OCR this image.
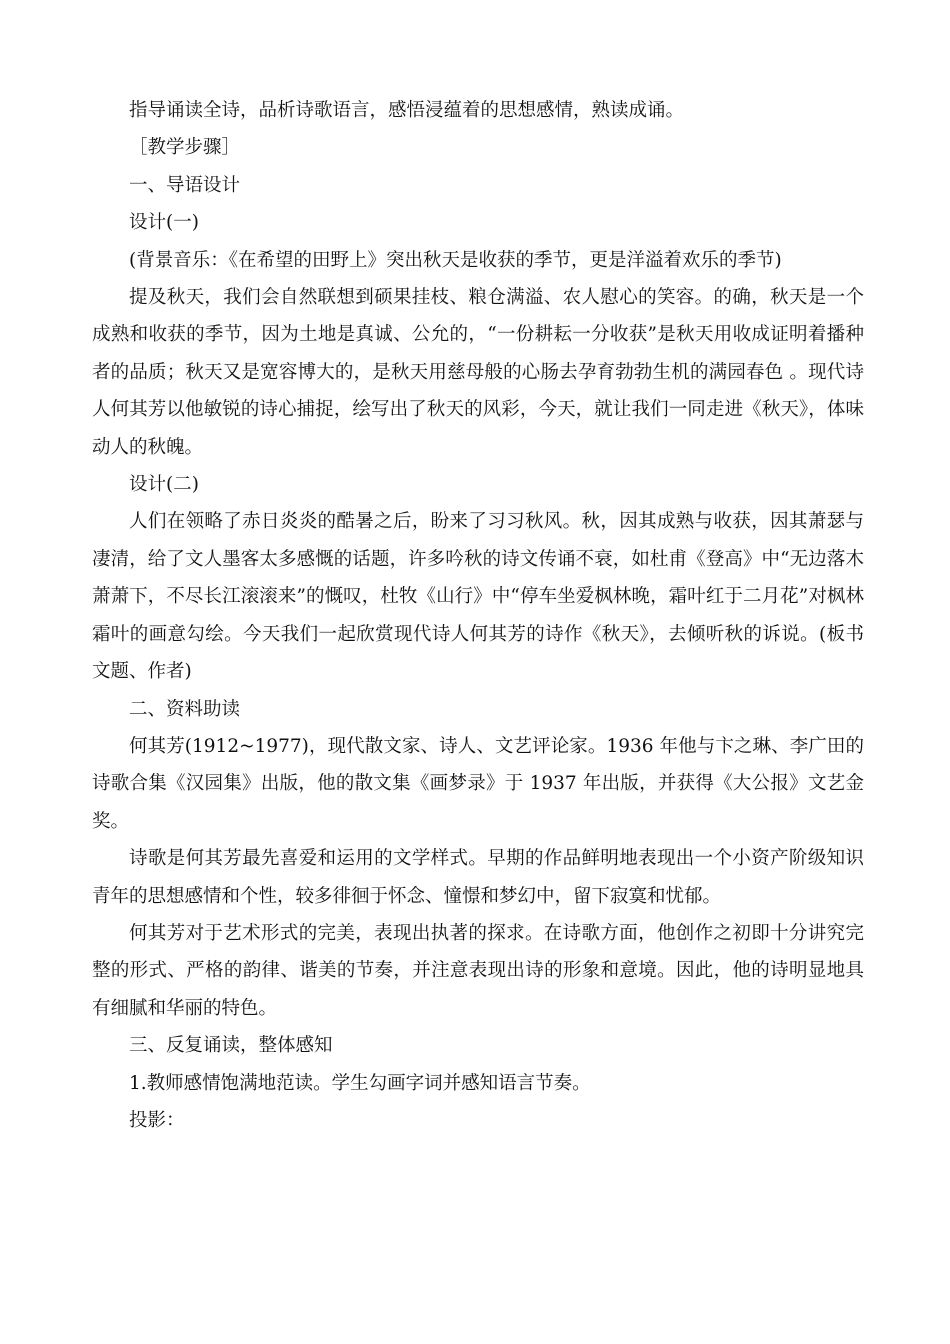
指导诵读全诗，品析诗歌语言，感悟浸蕴着的思想感情，熟读成诵。

［教学步骤］

一、导语设计

设计(一)

(背景音乐：《在希望的田野上》突出秋天是收获的季节，更是洋溢着欢乐的季节)

提及秋天，我们会自然联想到硕果挂枝、粮仓满溢、农人慰心的笑容。的确，秋天是一个成熟和收获的季节，因为土地是真诚、公允的，“一份耕耘一分收获”是秋天用收成证明着播种者的品质；秋天又是宽容博大的，是秋天用慈母般的心肠去孕育勃勃生机的满园春色 。现代诗人何其芳以他敏锐的诗心捕捉，绘写出了秋天的风彩，今天，就让我们一同走进《秋天》，体味动人的秋魄。

设计(二)

人们在领略了赤日炎炎的酷暑之后，盼来了习习秋风。秋，因其成熟与收获，因其萧瑟与凄清，给了文人墨客太多感慨的话题，许多吟秋的诗文传诵不衰，如杜甫《登高》中“无边落木萧萧下，不尽长江滚滚来”的慨叹，杜牧《山行》中“停车坐爱枫林晚，霜叶红于二月花”对枫林霜叶的画意勾绘。今天我们一起欣赏现代诗人何其芳的诗作《秋天》，去倾听秋的诉说。(板书文题、作者)

二、资料助读

何其芳(1912~1977)，现代散文家、诗人、文艺评论家。1936 年他与卞之琳、李广田的诗歌合集《汉园集》出版，他的散文集《画梦录》于 1937 年出版，并获得《大公报》文艺金奖。

诗歌是何其芳最先喜爱和运用的文学样式。早期的作品鲜明地表现出一个小资产阶级知识青年的思想感情和个性，较多徘徊于怀念、憧憬和梦幻中，留下寂寞和忧郁。

何其芳对于艺术形式的完美，表现出执著的探求。在诗歌方面，他创作之初即十分讲究完整的形式、严格的韵律、谐美的节奏，并注意表现出诗的形象和意境。因此，他的诗明显地具有细腻和华丽的特色。

三、反复诵读，整体感知

1.教师感情饱满地范读。学生勾画字词并感知语言节奏。

投影：
